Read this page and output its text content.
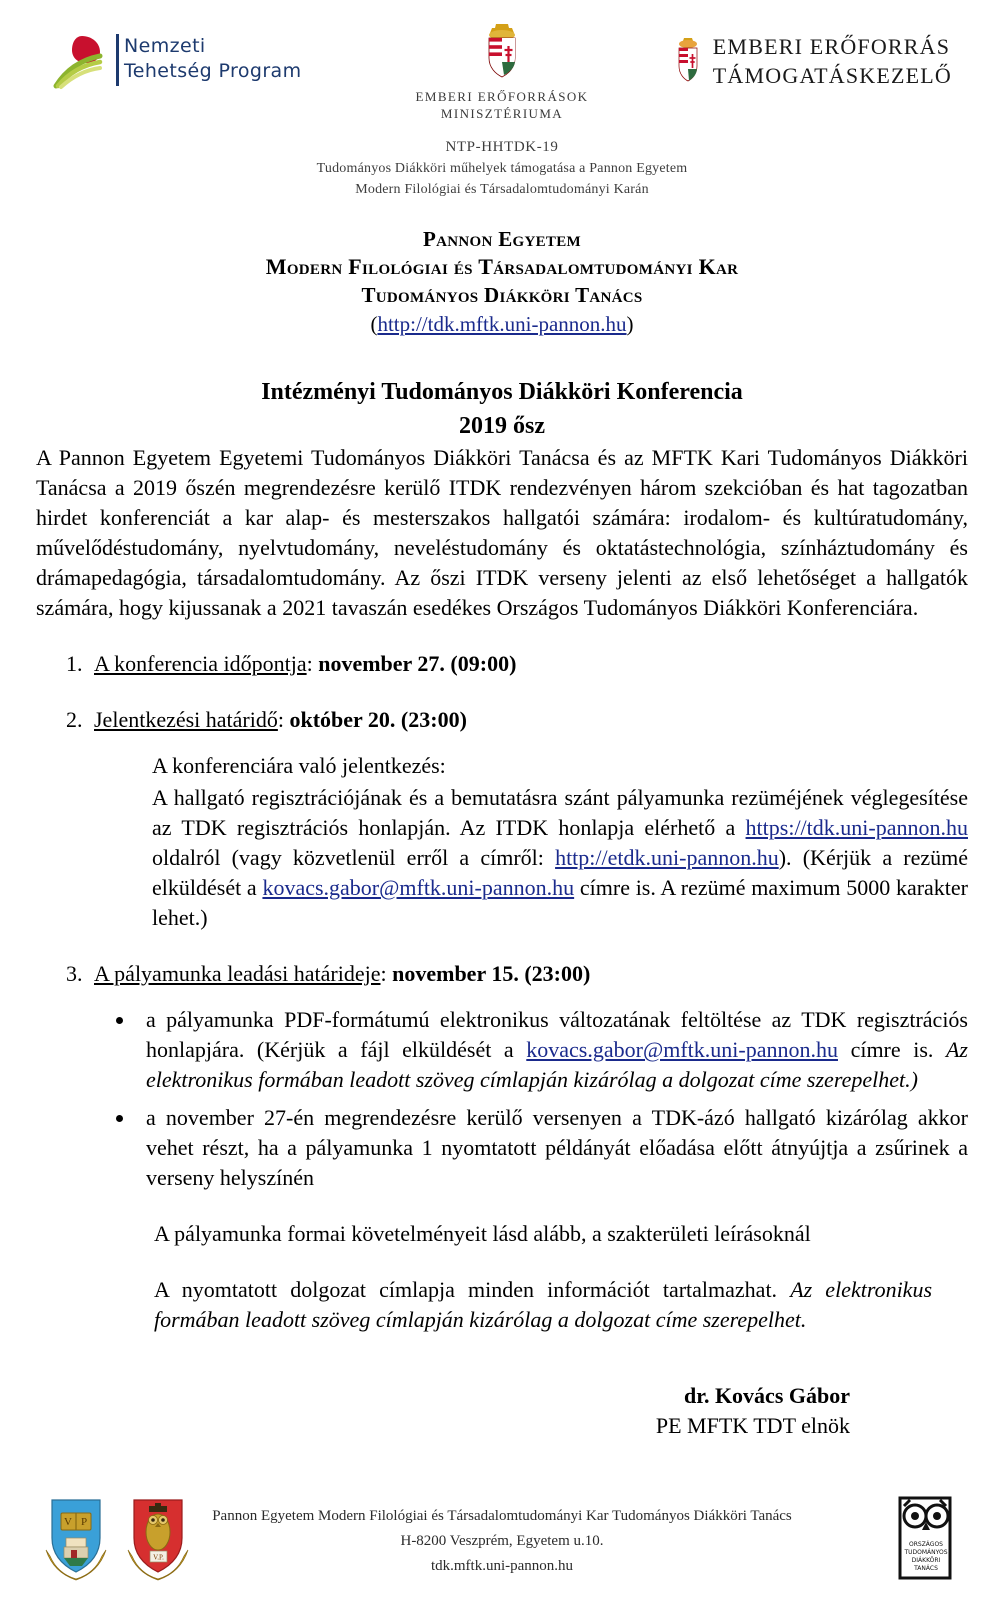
Nemzeti
Tehetség Program
EMBERI ERŐFORRÁSOK
MINISZTÉRIUMA
EMBERI ERŐFORRÁS
TÁMOGATÁSKEZELŐ
NTP-HHTDK-19
Tudományos Diákköri műhelyek támogatása a Pannon Egyetem
Modern Filológiai és Társadalomtudományi Karán
Pannon Egyetem
Modern Filológiai és Társadalomtudományi Kar
Tudományos Diákköri Tanács
(http://tdk.mftk.uni-pannon.hu)
Intézményi Tudományos Diákköri Konferencia
2019 ősz

A Pannon Egyetem Egyetemi Tudományos Diákköri Tanácsa és az MFTK Kari Tudományos Diákköri Tanácsa a 2019 őszén megrendezésre kerülő ITDK rendezvényen három szekcióban és hat tagozatban hirdet konferenciát a kar alap- és mesterszakos hallgatói számára: irodalom- és kultúratudomány, művelődéstudomány, nyelvtudomány, neveléstudomány és oktatástechnológia, színháztudomány és drámapedagógia, társadalomtudomány. Az őszi ITDK verseny jelenti az első lehetőséget a hallgatók számára, hogy kijussanak a 2021 tavaszán esedékes Országos Tudományos Diákköri Konferenciára.

1. A konferencia időpontja: november 27. (09:00)
2. Jelentkezési határidő: október 20. (23:00)
A konferenciára való jelentkezés:

A hallgató regisztrációjának és a bemutatásra szánt pályamunka rezüméjének véglegesítése az TDK regisztrációs honlapján. Az ITDK honlapja elérhető a https://tdk.uni-pannon.hu oldalról (vagy közvetlenül erről a címről: http://etdk.uni-pannon.hu). (Kérjük a rezümé elküldését a kovacs.gabor@mftk.uni-pannon.hu címre is. A rezümé maximum 5000 karakter lehet.)

3. A pályamunka leadási határideje: november 15. (23:00)
• a pályamunka PDF-formátumú elektronikus változatának feltöltése az TDK regisztrációs honlapjára. (Kérjük a fájl elküldését a kovacs.gabor@mftk.uni-pannon.hu címre is. Az elektronikus formában leadott szöveg címlapján kizárólag a dolgozat címe szerepelhet.)
• a november 27-én megrendezésre kerülő versenyen a TDK-ázó hallgató kizárólag akkor vehet részt, ha a pályamunka 1 nyomtatott példányát előadása előtt átnyújtja a zsűrinek a verseny helyszínén
A pályamunka formai követelményeit lásd alább, a szakterületi leírásoknál
A nyomtatott dolgozat címlapja minden információt tartalmazhat. Az elektronikus formában leadott szöveg címlapján kizárólag a dolgozat címe szerepelhet.
dr. Kovács Gábor
PE MFTK TDT elnök
V P
V.P.
Pannon Egyetem Modern Filológiai és Társadalomtudományi Kar Tudományos Diákköri Tanács
H-8200 Veszprém, Egyetem u.10.
tdk.mftk.uni-pannon.hu
ORSZÁGOS
TUDOMÁNYOS
DIÁKKÖRI
TANÁCS
